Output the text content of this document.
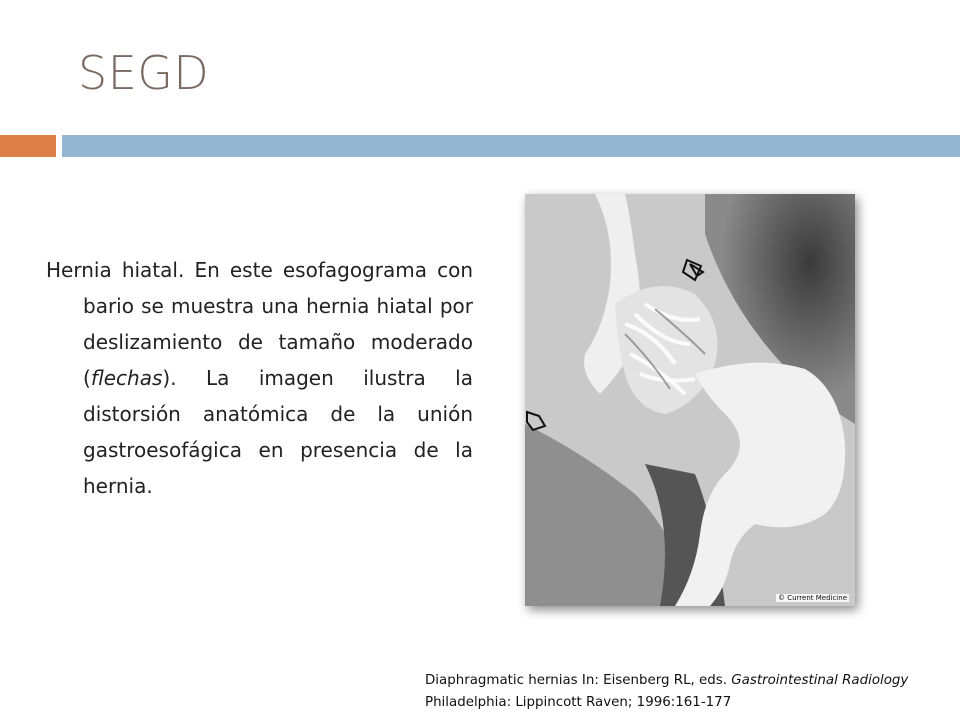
SEGD

Hernia hiatal. En este esofagograma con bario se muestra una hernia hiatal por deslizamiento de tamaño moderado (flechas). La imagen ilustra la distorsión anatómica de la unión gastroesofágica en presencia de la hernia.

© Current Medicine
Diaphragmatic hernias In: Eisenberg RL, eds. Gastrointestinal Radiology
Philadelphia: Lippincott Raven; 1996:161-177
